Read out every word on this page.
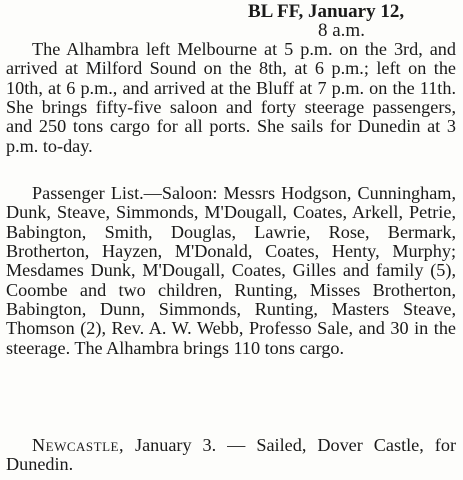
BL FF, January 12,
8 a.m.

The Alhambra left Melbourne at 5 p.m. on the 3rd, and arrived at Milford Sound on the 8th, at 6 p.m.; left on the 10th, at 6 p.m., and arrived at the Bluff at 7 p.m. on the 11th. She brings fifty-five saloon and forty steerage passengers, and 250 tons cargo for all ports. She sails for Dunedin at 3 p.m. to-day.

Passenger List.—Saloon: Messrs Hodgson, Cunningham, Dunk, Steave, Simmonds, M'Dougall, Coates, Arkell, Petrie, Babington, Smith, Douglas, Lawrie, Rose, Bermark, Brotherton, Hayzen, M'Donald, Coates, Henty, Murphy; Mesdames Dunk, M'Dougall, Coates, Gilles and family (5), Coombe and two children, Runting, Misses Brotherton, Babington, Dunn, Simmonds, Runting, Masters Steave, Thomson (2), Rev. A. W. Webb, Professo Sale, and 30 in the steerage. The Alhambra brings 110 tons cargo.

Newcastle, January 3. — Sailed, Dover Castle, for Dunedin.
